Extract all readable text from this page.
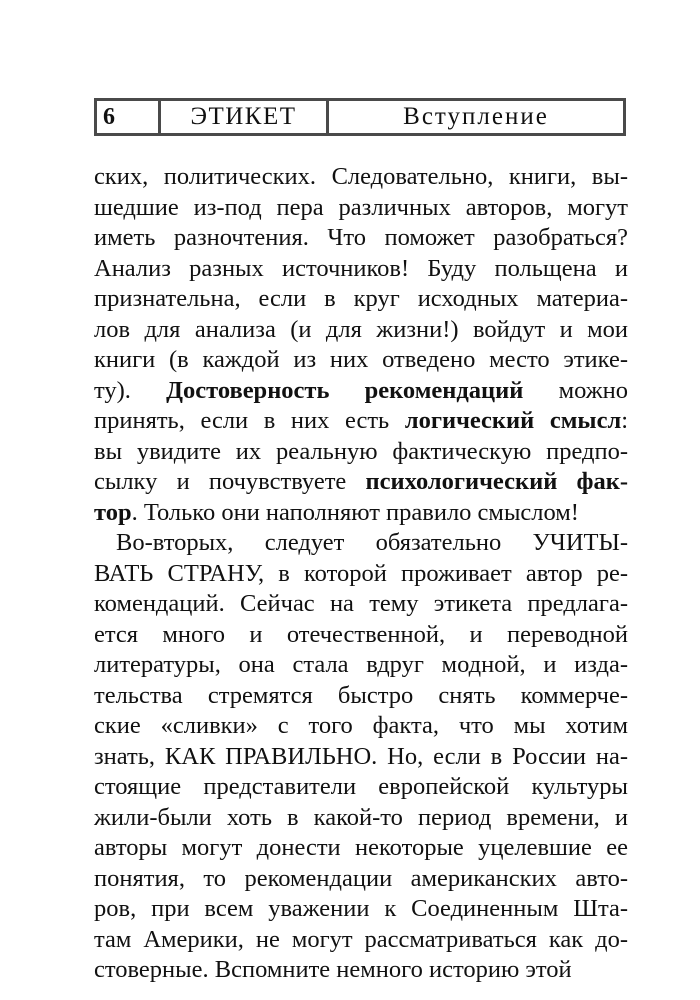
6	ЭТИКЕТ	Вступление
ских, политических. Следовательно, книги, вы-
шедшие из-под пера различных авторов, могут
иметь разночтения. Что поможет разобраться?
Анализ разных источников! Буду польщена и
признательна, если в круг исходных материа-
лов для анализа (и для жизни!) войдут и мои
книги (в каждой из них отведено место этике-
ту). Достоверность рекомендаций можно
принять, если в них есть логический смысл:
вы увидите их реальную фактическую предпо-
сылку и почувствуете психологический фак-
тор. Только они наполняют правило смыслом!
Во-вторых, следует обязательно УЧИТЫ-
ВАТЬ СТРАНУ, в которой проживает автор ре-
комендаций. Сейчас на тему этикета предлага-
ется много и отечественной, и переводной
литературы, она стала вдруг модной, и изда-
тельства стремятся быстро снять коммерче-
ские «сливки» с того факта, что мы хотим
знать, КАК ПРАВИЛЬНО. Но, если в России на-
стоящие представители европейской культуры
жили-были хоть в какой-то период времени, и
авторы могут донести некоторые уцелевшие ее
понятия, то рекомендации американских авто-
ров, при всем уважении к Соединенным Шта-
там Америки, не могут рассматриваться как до-
стоверные. Вспомните немного историю этой
